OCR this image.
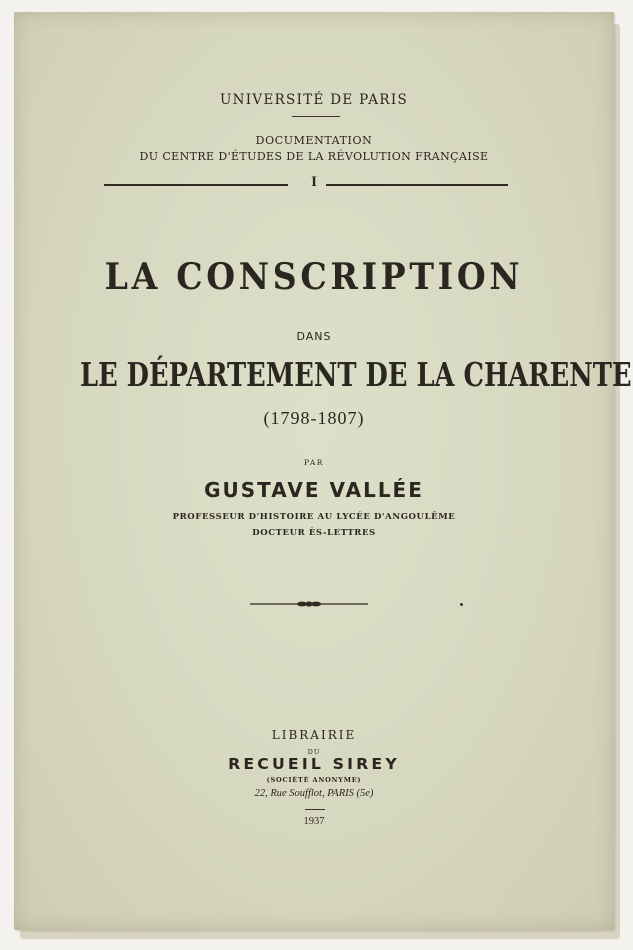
UNIVERSITÉ DE PARIS
DOCUMENTATION
DU CENTRE D'ÉTUDES DE LA RÉVOLUTION FRANÇAISE
I
LA CONSCRIPTION
DANS
LE DÉPARTEMENT DE LA CHARENTE
(1798-1807)
PAR
GUSTAVE VALLÉE
PROFESSEUR D'HISTOIRE AU LYCÉE D'ANGOULÊME
DOCTEUR ÈS-LETTRES
LIBRAIRIE
DU
RECUEIL SIREY
(SOCIÉTÉ ANONYME)
22, Rue Soufflot, PARIS (5e)
1937
